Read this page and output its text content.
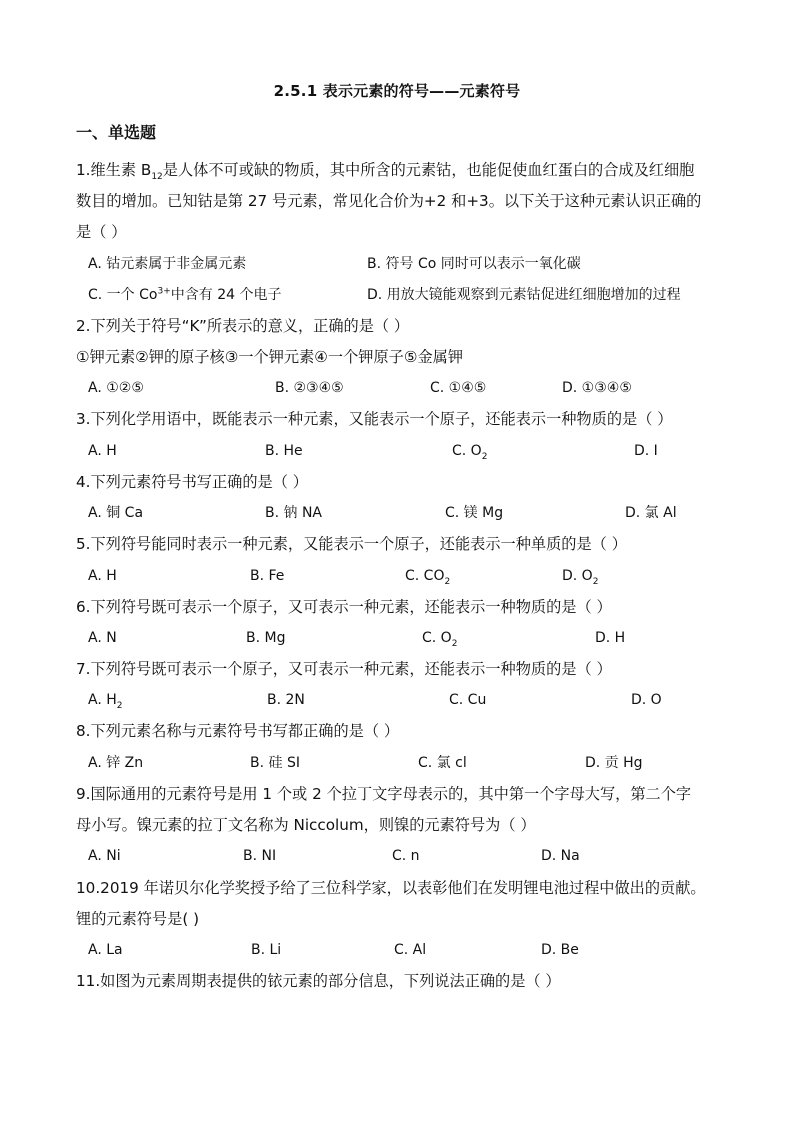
2.5.1 表示元素的符号——元素符号
一、单选题
1.维生素 $B_{12}$是人体不可或缺的物质，其中所含的元素钴，也能促使血红蛋白的合成及红细胞
数目的增加。已知钴是第 27 号元素，常见化合价为+2 和+3。以下关于这种元素认识正确的
是（ ）
A. 钴元素属于非金属元素	B. 符号 Co 同时可以表示一氧化碳
C. 一个 $Co^{3+}$中含有 24 个电子	D. 用放大镜能观察到元素钴促进红细胞增加的过程
2.下列关于符号“K”所表示的意义，正确的是（ ）
①钾元素②钾的原子核③一个钾元素④一个钾原子⑤金属钾
A. ①②⑤	B. ②③④⑤	C. ①④⑤	D. ①③④⑤
3.下列化学用语中，既能表示一种元素，又能表示一个原子，还能表示一种物质的是（ ）
A. H	B. He	C. $O_2$	D. I
4.下列元素符号书写正确的是（ ）
A. 铜 Ca	B. 钠 NA	C. 镁 Mg	D. 氯 Al
5.下列符号能同时表示一种元素，又能表示一个原子，还能表示一种单质的是（ ）
A. H	B. Fe	C. $CO_2$	D. $O_2$
6.下列符号既可表示一个原子，又可表示一种元素，还能表示一种物质的是（ ）
A. N	B. Mg	C. $O_2$	D. H
7.下列符号既可表示一个原子，又可表示一种元素，还能表示一种物质的是（ ）
A. $H_2$	B. 2N	C. Cu	D. O
8.下列元素名称与元素符号书写都正确的是（ ）
A. 锌 Zn	B. 硅 SI	C. 氯 cl	D. 贡 Hg
9.国际通用的元素符号是用 1 个或 2 个拉丁文字母表示的，其中第一个字母大写，第二个字
母小写。镍元素的拉丁文名称为 Niccolum，则镍的元素符号为（ ）
A. Ni	B. NI	C. n	D. Na
10.2019 年诺贝尔化学奖授予给了三位科学家，以表彰他们在发明锂电池过程中做出的贡献。
锂的元素符号是( )
A. La	B. Li	C. Al	D. Be
11.如图为元素周期表提供的铱元素的部分信息，下列说法正确的是（ ）
